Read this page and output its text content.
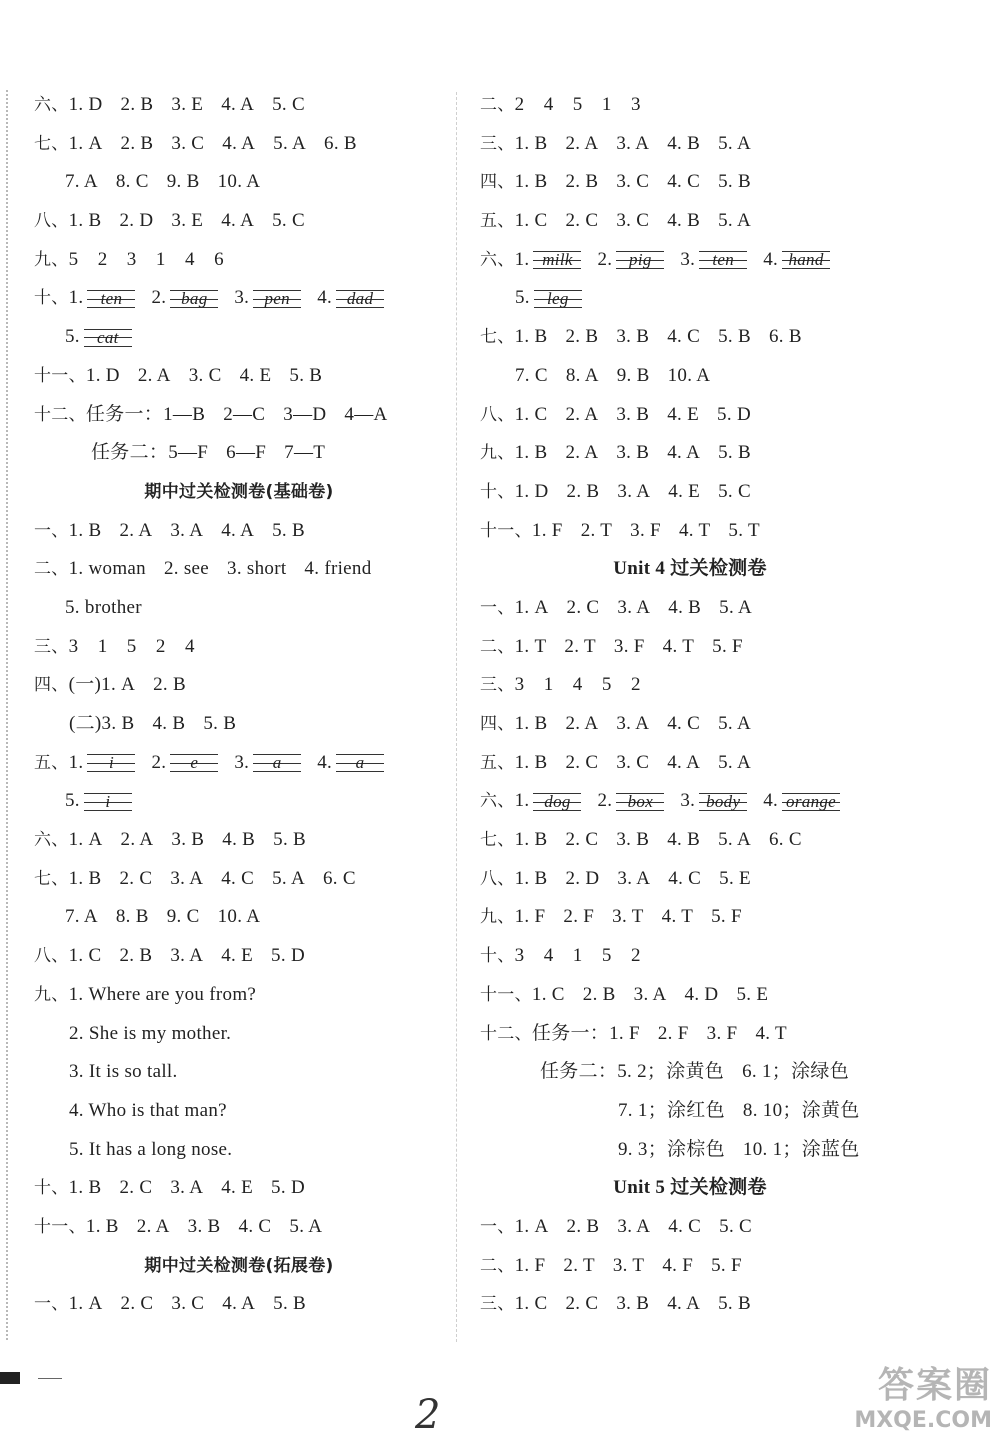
六、1. D 2. B 3. E 4. A 5. C
七、1. A 2. B 3. C 4. A 5. A 6. B
7. A 8. C 9. B 10. A
八、1. B 2. D 3. E 4. A 5. C
九、5　2　3　1　4　6
十、1. ten 2. bag 3. pen 4. dad
5. cat
十一、1. D 2. A 3. C 4. E 5. B
十二、任务一：1—B 2—C 3—D 4—A
任务二：5—F 6—F 7—T
期中过关检测卷(基础卷)
一、1. B 2. A 3. A 4. A 5. B
二、1. woman 2. see 3. short 4. friend
5. brother
三、3　1　5　2　4
四、(一)1. A 2. B
(二)3. B 4. B 5. B
五、1. i 2. e 3. a 4. a
5. i
六、1. A 2. A 3. B 4. B 5. B
七、1. B 2. C 3. A 4. C 5. A 6. C
7. A 8. B 9. C 10. A
八、1. C 2. B 3. A 4. E 5. D
九、1. Where are you from?
2. She is my mother.
3. It is so tall.
4. Who is that man?
5. It has a long nose.
十、1. B 2. C 3. A 4. E 5. D
十一、1. B 2. A 3. B 4. C 5. A
期中过关检测卷(拓展卷)
一、1. A 2. C 3. C 4. A 5. B
二、2　4　5　1　3
三、1. B 2. A 3. A 4. B 5. A
四、1. B 2. B 3. C 4. C 5. B
五、1. C 2. C 3. C 4. B 5. A
六、1. milk 2. pig 3. ten 4. hand
5. leg
七、1. B 2. B 3. B 4. C 5. B 6. B
7. C 8. A 9. B 10. A
八、1. C 2. A 3. B 4. E 5. D
九、1. B 2. A 3. B 4. A 5. B
十、1. D 2. B 3. A 4. E 5. C
十一、1. F 2. T 3. F 4. T 5. T
Unit 4 过关检测卷
一、1. A 2. C 3. A 4. B 5. A
二、1. T 2. T 3. F 4. T 5. F
三、3　1　4　5　2
四、1. B 2. A 3. A 4. C 5. A
五、1. B 2. C 3. C 4. A 5. A
六、1. dog 2. box 3. body 4. orange
七、1. B 2. C 3. B 4. B 5. A 6. C
八、1. B 2. D 3. A 4. C 5. E
九、1. F 2. F 3. T 4. T 5. F
十、3　4　1　5　2
十一、1. C 2. B 3. A 4. D 5. E
十二、任务一：1. F 2. F 3. F 4. T
任务二：5. 2；涂黄色 6. 1；涂绿色
7. 1；涂红色 8. 10；涂黄色
9. 3；涂棕色 10. 1；涂蓝色
Unit 5 过关检测卷
一、1. A 2. B 3. A 4. C 5. C
二、1. F 2. T 3. T 4. F 5. F
三、1. C 2. C 3. B 4. A 5. B
2
答案圈
MXQE.COM
